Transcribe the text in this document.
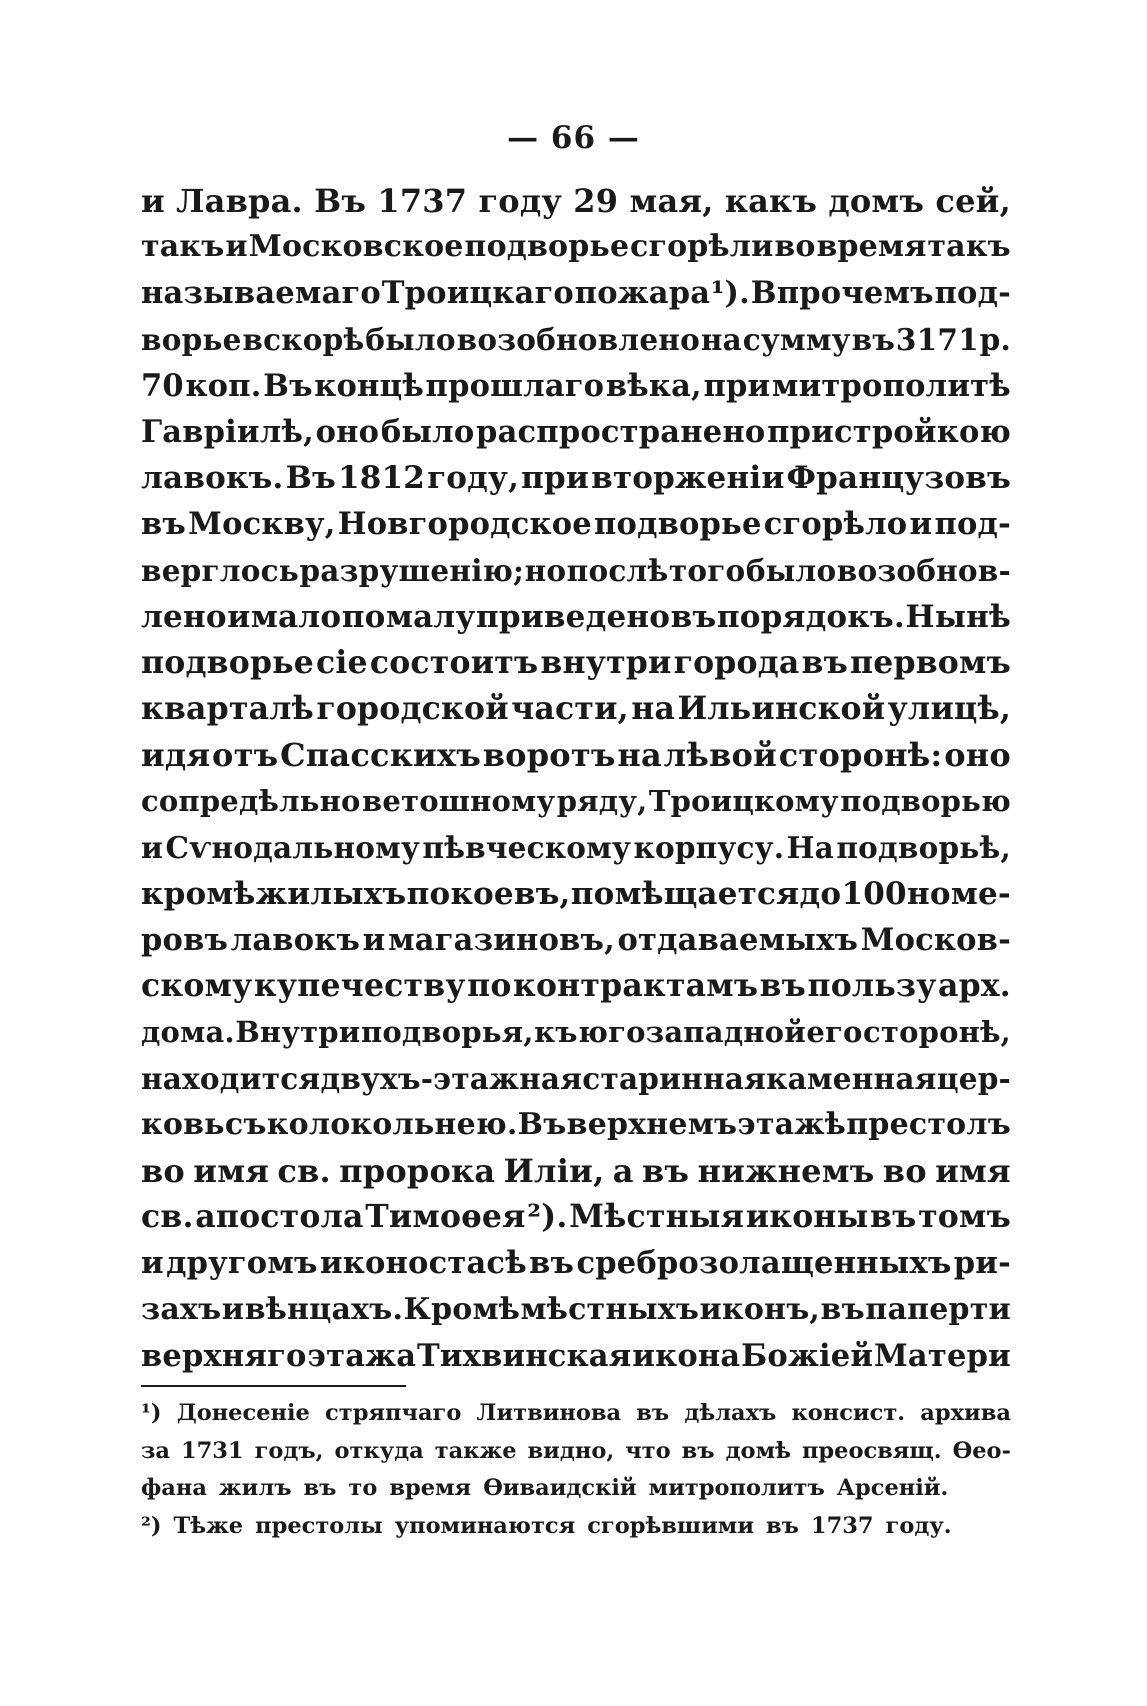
— 66 —
и Лавра. Въ 1737 году 29 мая, какъ домъ сей,
такъ и Московское подворье сгорѣли во время такъ
называемаго Троицкаго пожара ¹). Впрочемъ под-
ворье вскорѣ было возобновлено на сумму въ 3171 р.
70 коп. Въ концѣ прошлаго вѣка, при митрополитѣ
Гавріилѣ, оно было распространено пристройкою
лавокъ. Въ 1812 году, при вторженіи Французовъ
въ Москву, Новгородское подворье сгорѣло и под-
верглось разрушенію; но послѣ того было возобнов-
лено и мало по малу приведено въ порядокъ. Нынѣ
подворье сіе состоитъ внутри города въ первомъ
кварталѣ городской части, на Ильинской улицѣ,
идя отъ Спасскихъ воротъ на лѣвой сторонѣ: оно
сопредѣльно ветошному ряду, Троицкому подворью
и Сѵнодальному пѣвческому корпусу. На подворьѣ,
кромѣ жилыхъ покоевъ, помѣщается до 100 номе-
ровъ лавокъ и магазиновъ, отдаваемыхъ Москов-
скому купечеству по контрактамъ въ пользу арх.
дома. Внутри подворья, къ югозападной его сторонѣ,
находится двухъ-этажная старинная каменная цер-
ковь съ колокольнею. Въ верхнемъ этажѣ престолъ
во имя св. пророка Иліи, а въ нижнемъ во имя
св. апостола Тимоѳея ²). Мѣстныя иконы въ томъ
и другомъ иконостасѣ въ среброзолащенныхъ ри-
захъ и вѣнцахъ. Кромѣ мѣстныхъ иконъ, въ паперти
верхняго этажа Тихвинская икона Божіей Матери
¹) Донесеніе стряпчаго Литвинова въ дѣлахъ консист. архива
за 1731 годъ, откуда также видно, что въ домѣ преосвящ. Ѳео-
фана жилъ въ то время Ѳиваидскій митрополитъ Арсеній.
²) Тѣже престолы упоминаются сгорѣвшими въ 1737 году.
